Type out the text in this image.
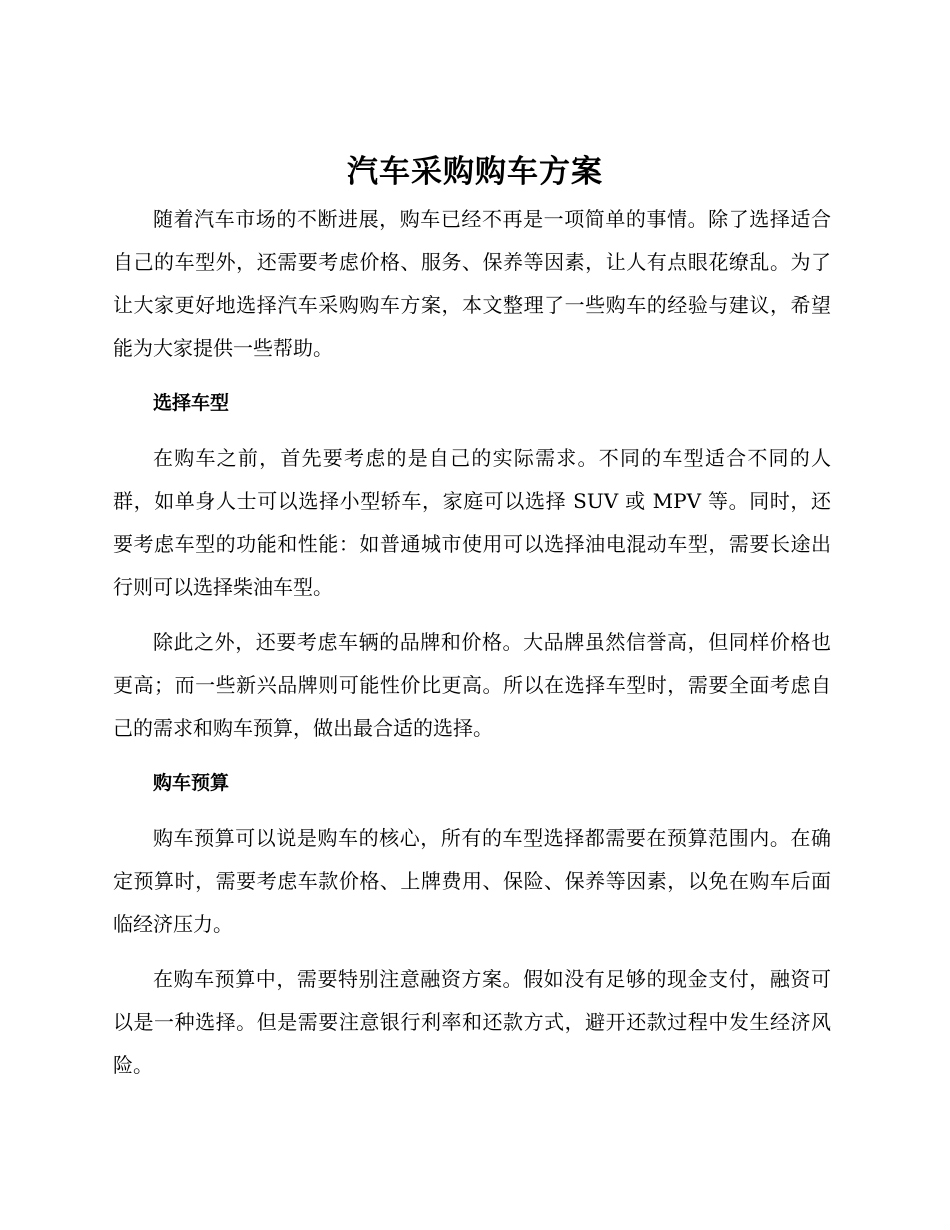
汽车采购购车方案

随着汽车市场的不断进展，购车已经不再是一项简单的事情。除了选择适合自己的车型外，还需要考虑价格、服务、保养等因素，让人有点眼花缭乱。为了让大家更好地选择汽车采购购车方案，本文整理了一些购车的经验与建议，希望能为大家提供一些帮助。

选择车型

在购车之前，首先要考虑的是自己的实际需求。不同的车型适合不同的人群，如单身人士可以选择小型轿车，家庭可以选择 SUV 或 MPV 等。同时，还要考虑车型的功能和性能：如普通城市使用可以选择油电混动车型，需要长途出行则可以选择柴油车型。

除此之外，还要考虑车辆的品牌和价格。大品牌虽然信誉高，但同样价格也更高；而一些新兴品牌则可能性价比更高。所以在选择车型时，需要全面考虑自己的需求和购车预算，做出最合适的选择。

购车预算

购车预算可以说是购车的核心，所有的车型选择都需要在预算范围内。在确定预算时，需要考虑车款价格、上牌费用、保险、保养等因素，以免在购车后面临经济压力。

在购车预算中，需要特别注意融资方案。假如没有足够的现金支付，融资可以是一种选择。但是需要注意银行利率和还款方式，避开还款过程中发生经济风险。
